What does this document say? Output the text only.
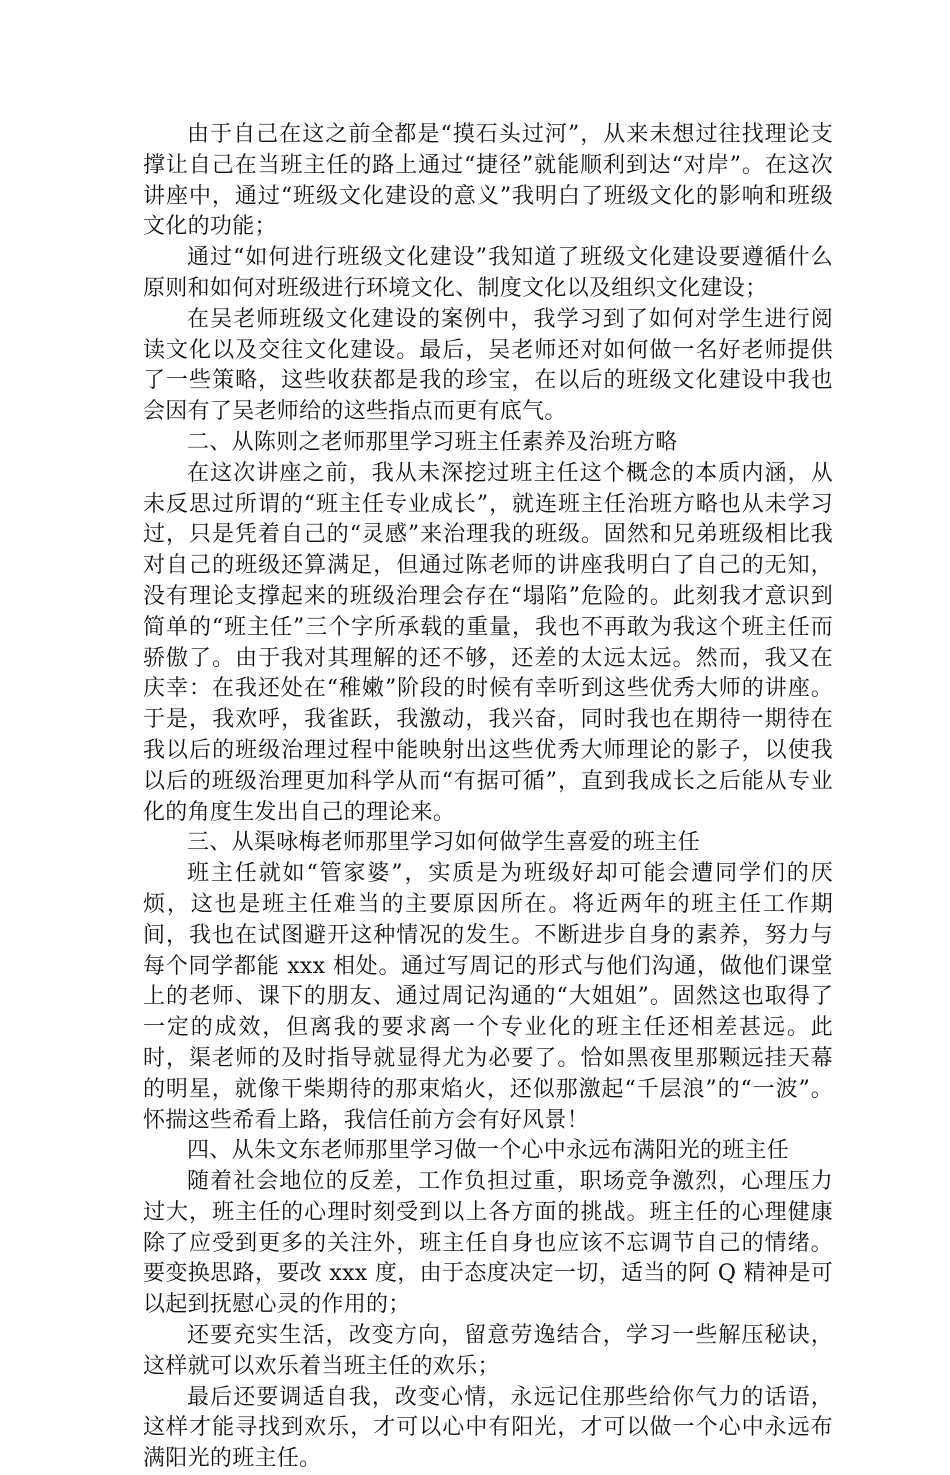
由于自己在这之前全都是“摸石头过河”，从来未想过往找理论支撑让自己在当班主任的路上通过“捷径”就能顺利到达“对岸”。在这次讲座中，通过“班级文化建设的意义”我明白了班级文化的影响和班级文化的功能；

通过“如何进行班级文化建设”我知道了班级文化建设要遵循什么原则和如何对班级进行环境文化、制度文化以及组织文化建设；

在吴老师班级文化建设的案例中，我学习到了如何对学生进行阅读文化以及交往文化建设。最后，吴老师还对如何做一名好老师提供了一些策略，这些收获都是我的珍宝，在以后的班级文化建设中我也会因有了吴老师给的这些指点而更有底气。

二、从陈则之老师那里学习班主任素养及治班方略

在这次讲座之前，我从未深挖过班主任这个概念的本质内涵，从未反思过所谓的“班主任专业成长”，就连班主任治班方略也从未学习过，只是凭着自己的“灵感”来治理我的班级。固然和兄弟班级相比我对自己的班级还算满足，但通过陈老师的讲座我明白了自己的无知，没有理论支撑起来的班级治理会存在“塌陷”危险的。此刻我才意识到简单的“班主任”三个字所承载的重量，我也不再敢为我这个班主任而骄傲了。由于我对其理解的还不够，还差的太远太远。然而，我又在庆幸：在我还处在“稚嫩”阶段的时候有幸听到这些优秀大师的讲座。于是，我欢呼，我雀跃，我激动，我兴奋，同时我也在期待一期待在我以后的班级治理过程中能映射出这些优秀大师理论的影子，以使我以后的班级治理更加科学从而“有据可循”，直到我成长之后能从专业化的角度生发出自己的理论来。

三、从渠咏梅老师那里学习如何做学生喜爱的班主任

班主任就如“管家婆”，实质是为班级好却可能会遭同学们的厌烦，这也是班主任难当的主要原因所在。将近两年的班主任工作期间，我也在试图避开这种情况的发生。不断进步自身的素养，努力与每个同学都能 xxx 相处。通过写周记的形式与他们沟通，做他们课堂上的老师、课下的朋友、通过周记沟通的“大姐姐”。固然这也取得了一定的成效，但离我的要求离一个专业化的班主任还相差甚远。此时，渠老师的及时指导就显得尤为必要了。恰如黑夜里那颗远挂天幕的明星，就像干柴期待的那束焰火，还似那激起“千层浪”的“一波”。怀揣这些希看上路，我信任前方会有好风景！

四、从朱文东老师那里学习做一个心中永远布满阳光的班主任

随着社会地位的反差，工作负担过重，职场竞争激烈，心理压力过大，班主任的心理时刻受到以上各方面的挑战。班主任的心理健康除了应受到更多的关注外，班主任自身也应该不忘调节自己的情绪。要变换思路，要改 xxx 度，由于态度决定一切，适当的阿 Q 精神是可以起到抚慰心灵的作用的；

还要充实生活，改变方向，留意劳逸结合，学习一些解压秘诀，这样就可以欢乐着当班主任的欢乐；

最后还要调适自我，改变心情，永远记住那些给你气力的话语，这样才能寻找到欢乐，才可以心中有阳光，才可以做一个心中永远布满阳光的班主任。
